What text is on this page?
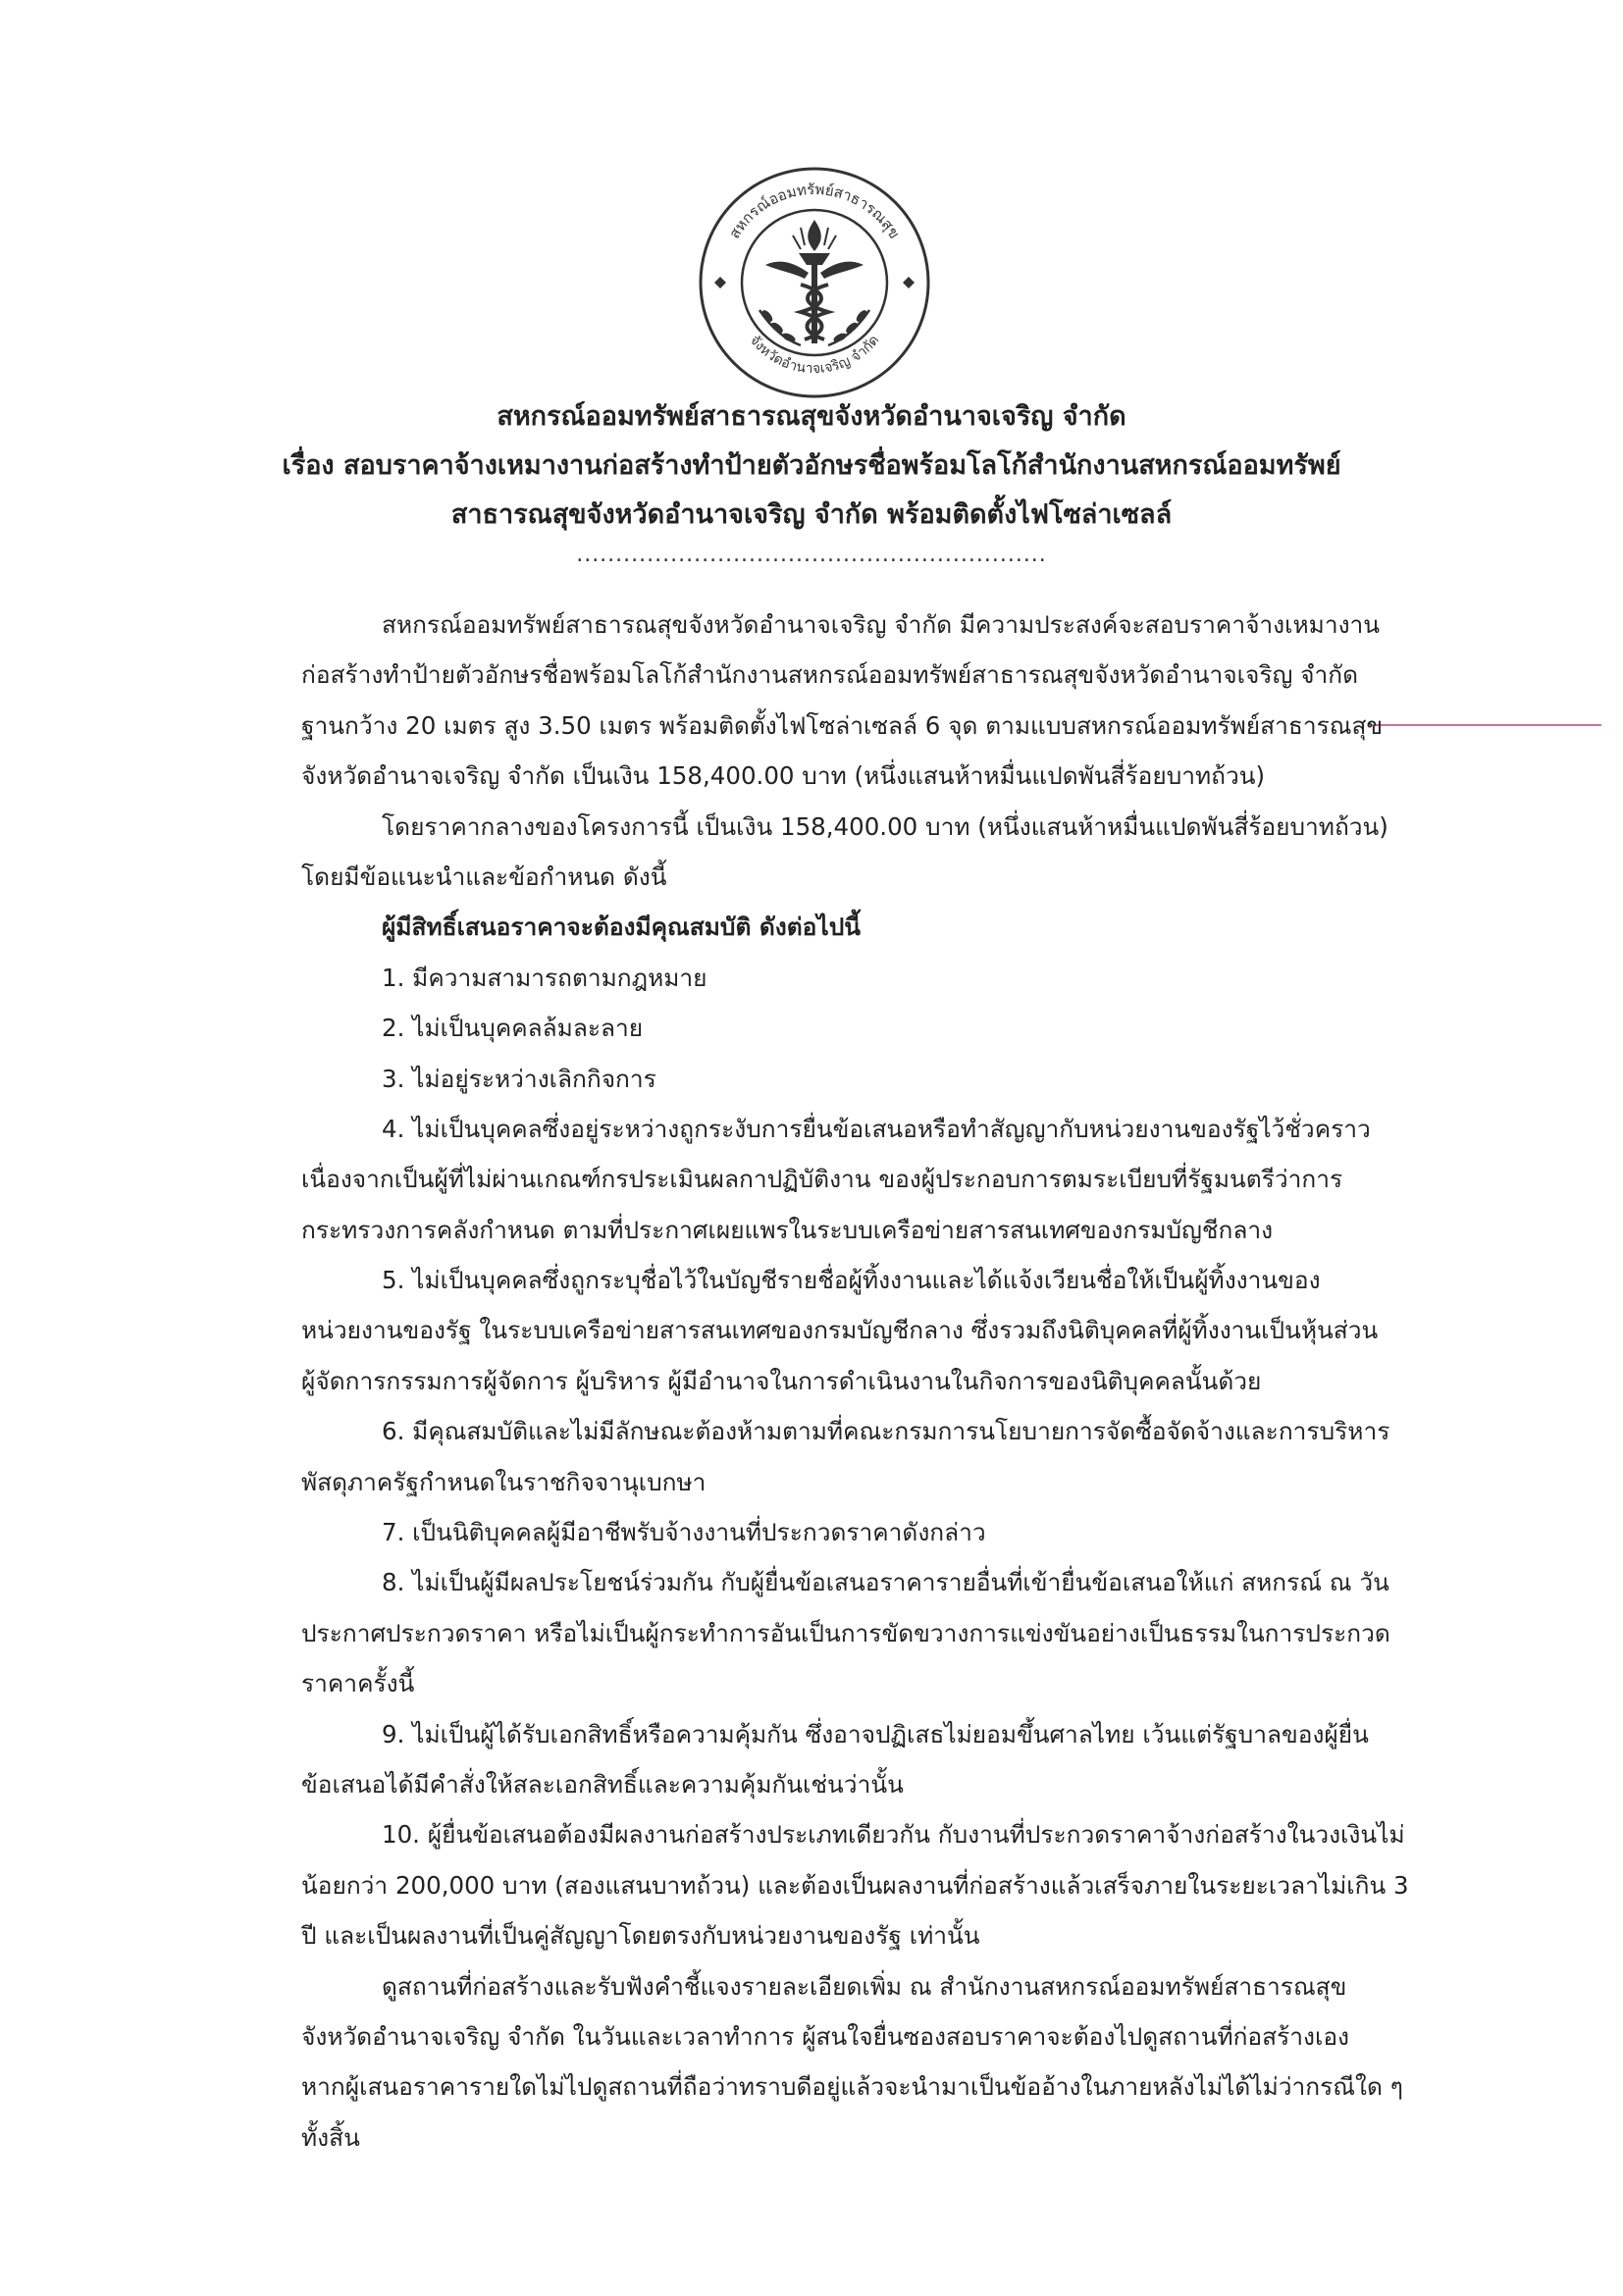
สหกรณ์ออมทรัพย์สาธารณสุข
จังหวัดอำนาจเจริญ จำกัด
สหกรณ์ออมทรัพย์สาธารณสุขจังหวัดอำนาจเจริญ จำกัด
เรื่อง สอบราคาจ้างเหมางานก่อสร้างทำป้ายตัวอักษรชื่อพร้อมโลโก้สำนักงานสหกรณ์ออมทรัพย์
สาธารณสุขจังหวัดอำนาจเจริญ จำกัด พร้อมติดตั้งไฟโซล่าเซลล์
............................................................

สหกรณ์ออมทรัพย์สาธารณสุขจังหวัดอำนาจเจริญ จำกัด มีความประสงค์จะสอบราคาจ้างเหมางาน
ก่อสร้างทำป้ายตัวอักษรชื่อพร้อมโลโก้สำนักงานสหกรณ์ออมทรัพย์สาธารณสุขจังหวัดอำนาจเจริญ จำกัด
ฐานกว้าง 20 เมตร สูง 3.50 เมตร พร้อมติดตั้งไฟโซล่าเซลล์ 6 จุด ตามแบบสหกรณ์ออมทรัพย์สาธารณสุข
จังหวัดอำนาจเจริญ จำกัด เป็นเงิน 158,400.00 บาท (หนึ่งแสนห้าหมื่นแปดพันสี่ร้อยบาทถ้วน)

โดยราคากลางของโครงการนี้ เป็นเงิน 158,400.00 บาท (หนึ่งแสนห้าหมื่นแปดพันสี่ร้อยบาทถ้วน)
โดยมีข้อแนะนำและข้อกำหนด ดังนี้

ผู้มีสิทธิ์เสนอราคาจะต้องมีคุณสมบัติ ดังต่อไปนี้

1. มีความสามารถตามกฎหมาย

2. ไม่เป็นบุคคลล้มละลาย

3. ไม่อยู่ระหว่างเลิกกิจการ

4. ไม่เป็นบุคคลซึ่งอยู่ระหว่างถูกระงับการยื่นข้อเสนอหรือทำสัญญากับหน่วยงานของรัฐไว้ชั่วคราว
เนื่องจากเป็นผู้ที่ไม่ผ่านเกณฑ์กรประเมินผลกาปฏิบัติงาน ของผู้ประกอบการตมระเบียบที่รัฐมนตรีว่าการ
กระทรวงการคลังกำหนด ตามที่ประกาศเผยแพรในระบบเครือข่ายสารสนเทศของกรมบัญชีกลาง

5. ไม่เป็นบุคคลซึ่งถูกระบุชื่อไว้ในบัญชีรายชื่อผู้ทิ้งงานและได้แจ้งเวียนชื่อให้เป็นผู้ทิ้งงานของ
หน่วยงานของรัฐ ในระบบเครือข่ายสารสนเทศของกรมบัญชีกลาง ซึ่งรวมถึงนิติบุคคลที่ผู้ทิ้งงานเป็นหุ้นส่วน
ผู้จัดการกรรมการผู้จัดการ ผู้บริหาร ผู้มีอำนาจในการดำเนินงานในกิจการของนิติบุคคลนั้นด้วย

6. มีคุณสมบัติและไม่มีลักษณะต้องห้ามตามที่คณะกรมการนโยบายการจัดซื้อจัดจ้างและการบริหาร
พัสดุภาครัฐกำหนดในราชกิจจานุเบกษา

7. เป็นนิติบุคคลผู้มีอาชีพรับจ้างงานที่ประกวดราคาดังกล่าว

8. ไม่เป็นผู้มีผลประโยชน์ร่วมกัน กับผู้ยื่นข้อเสนอราคารายอื่นที่เข้ายื่นข้อเสนอให้แก่ สหกรณ์ ณ วัน
ประกาศประกวดราคา หรือไม่เป็นผู้กระทำการอันเป็นการขัดขวางการแข่งขันอย่างเป็นธรรมในการประกวด
ราคาครั้งนี้

9. ไม่เป็นผู้ได้รับเอกสิทธิ์หรือความคุ้มกัน ซึ่งอาจปฏิเสธไม่ยอมขึ้นศาลไทย เว้นแต่รัฐบาลของผู้ยื่น
ข้อเสนอได้มีคำสั่งให้สละเอกสิทธิ์และความคุ้มกันเช่นว่านั้น

10. ผู้ยื่นข้อเสนอต้องมีผลงานก่อสร้างประเภทเดียวกัน กับงานที่ประกวดราคาจ้างก่อสร้างในวงเงินไม่
น้อยกว่า 200,000 บาท (สองแสนบาทถ้วน) และต้องเป็นผลงานที่ก่อสร้างแล้วเสร็จภายในระยะเวลาไม่เกิน 3
ปี และเป็นผลงานที่เป็นคู่สัญญาโดยตรงกับหน่วยงานของรัฐ เท่านั้น

ดูสถานที่ก่อสร้างและรับฟังคำชี้แจงรายละเอียดเพิ่ม ณ สำนักงานสหกรณ์ออมทรัพย์สาธารณสุข
จังหวัดอำนาจเจริญ จำกัด ในวันและเวลาทำการ ผู้สนใจยื่นซองสอบราคาจะต้องไปดูสถานที่ก่อสร้างเอง
หากผู้เสนอราคารายใดไม่ไปดูสถานที่ถือว่าทราบดีอยู่แล้วจะนำมาเป็นข้ออ้างในภายหลังไม่ได้ไม่ว่ากรณีใด ๆ
ทั้งสิ้น
